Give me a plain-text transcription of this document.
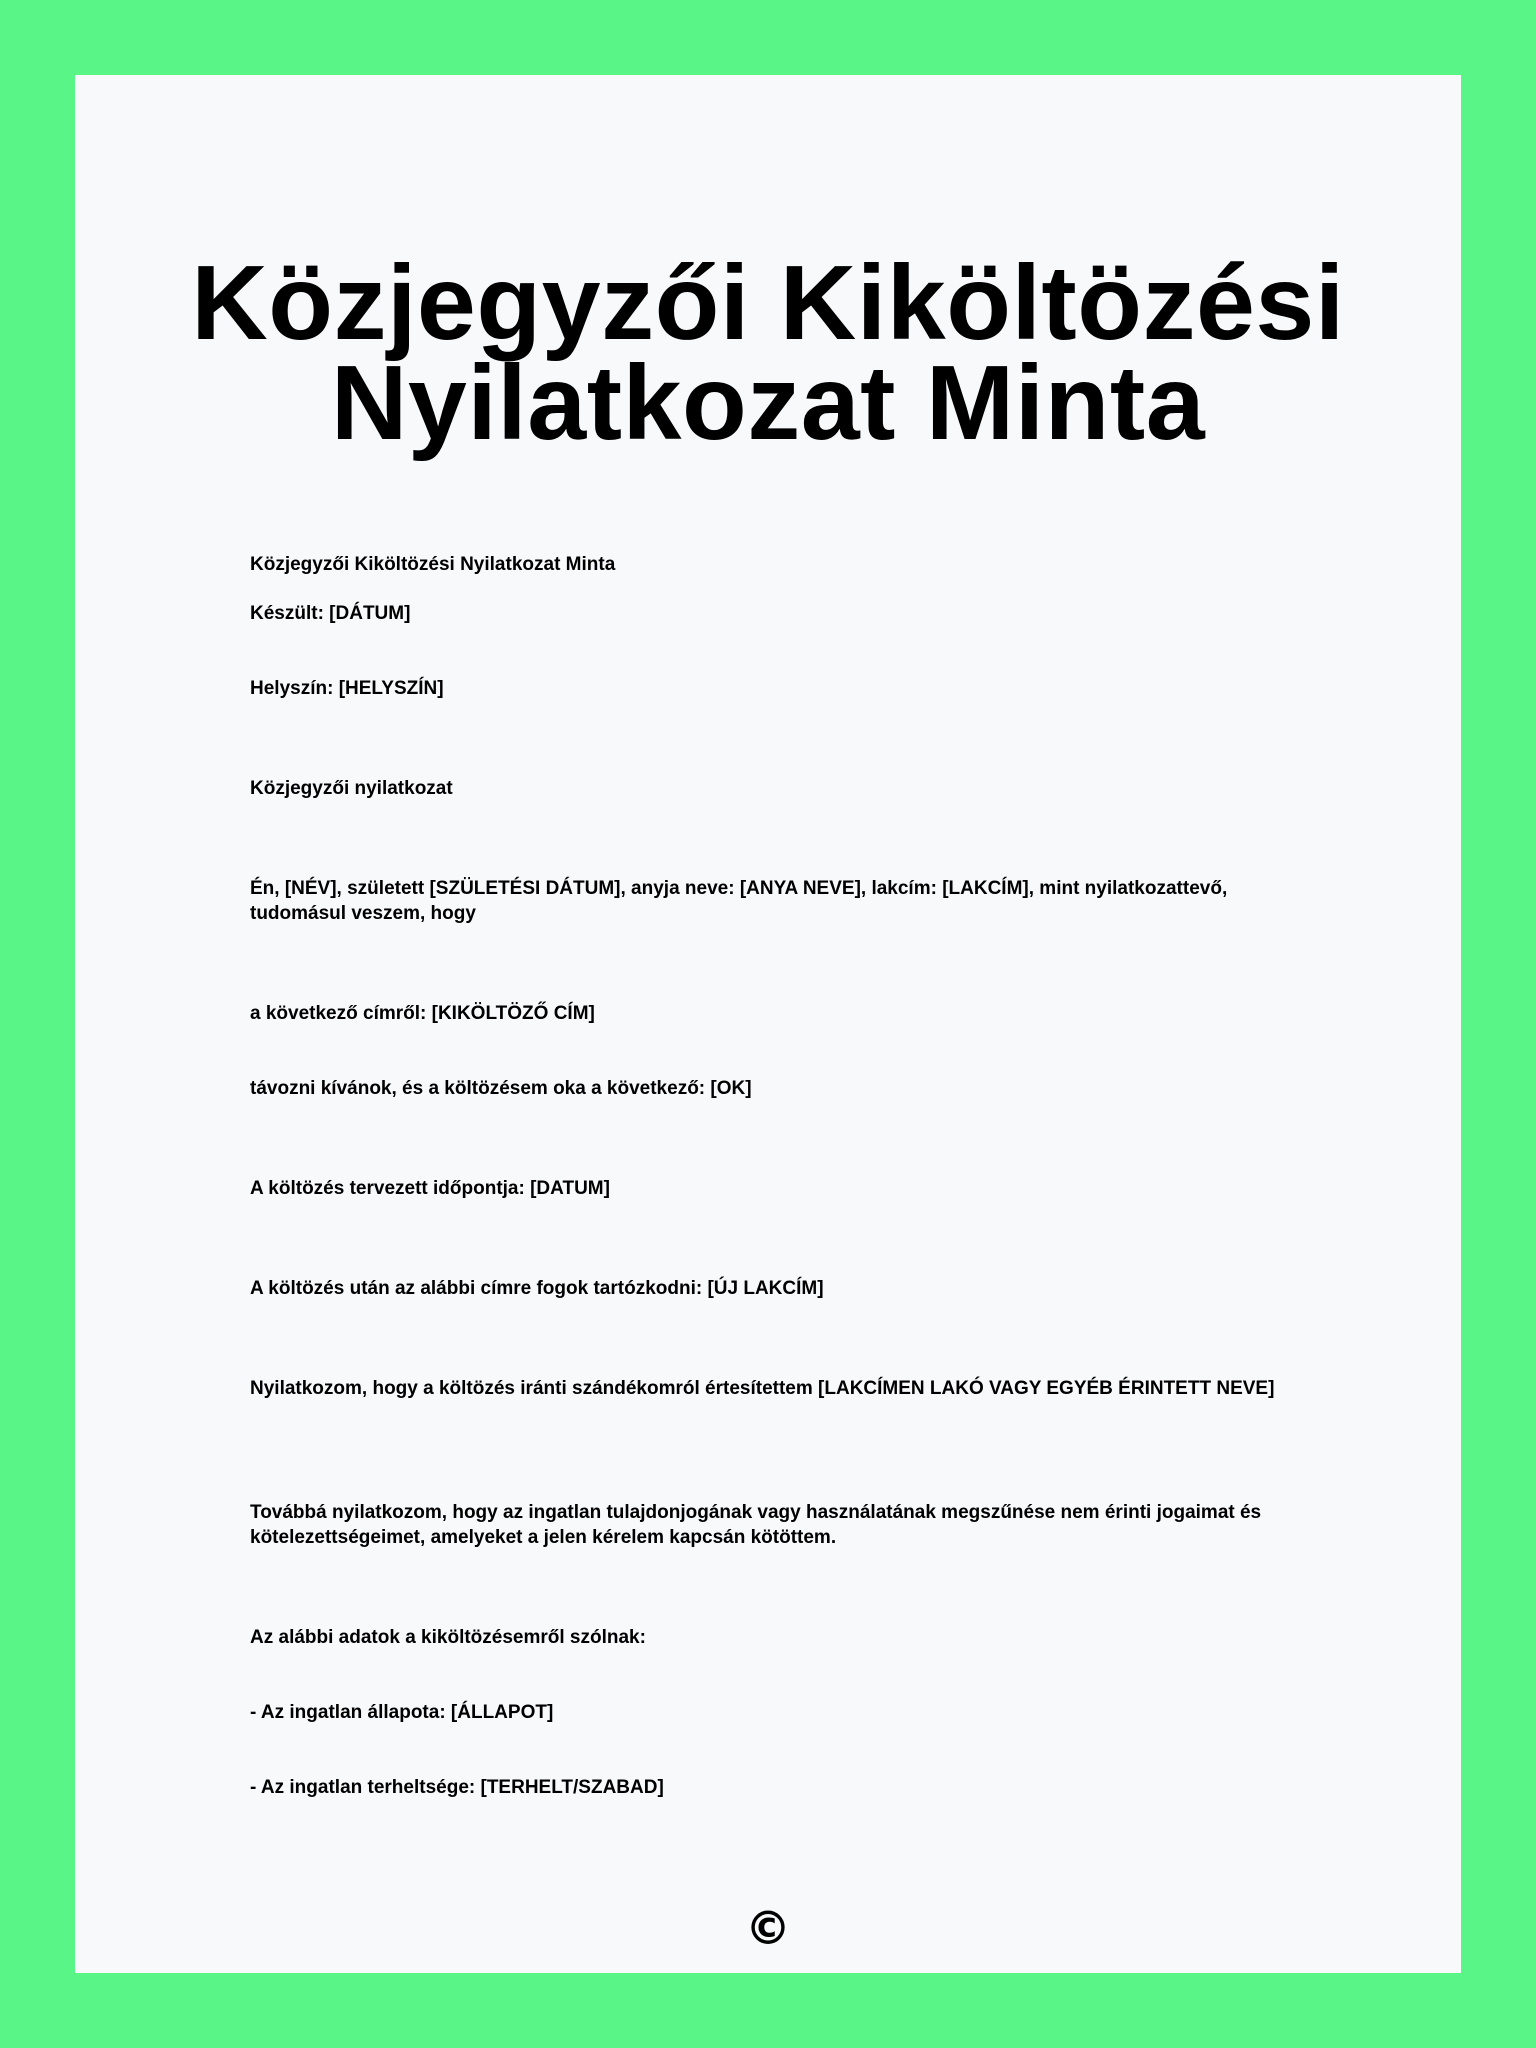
Közjegyzői Kiköltözési
Nyilatkozat Minta

Közjegyzői Kiköltözési Nyilatkozat Minta

Készült: [DÁTUM]

Helyszín: [HELYSZÍN]

Közjegyzői nyilatkozat

Én, [NÉV], született [SZÜLETÉSI DÁTUM], anyja neve: [ANYA NEVE], lakcím: [LAKCÍM], mint nyilatkozattevő, tudomásul veszem, hogy

a következő címről: [KIKÖLTÖZŐ CÍM]

távozni kívánok, és a költözésem oka a következő: [OK]

A költözés tervezett időpontja: [DATUM]

A költözés után az alábbi címre fogok tartózkodni: [ÚJ LAKCÍM]

Nyilatkozom, hogy a költözés iránti szándékomról értesítettem [LAKCÍMEN LAKÓ VAGY EGYÉB ÉRINTETT NEVE]

Továbbá nyilatkozom, hogy az ingatlan tulajdonjogának vagy használatának megszűnése nem érinti jogaimat és kötelezettségeimet, amelyeket a jelen kérelem kapcsán kötöttem.

Az alábbi adatok a kiköltözésemről szólnak:

- Az ingatlan állapota: [ÁLLAPOT]

- Az ingatlan terheltsége: [TERHELT/SZABAD]

©
